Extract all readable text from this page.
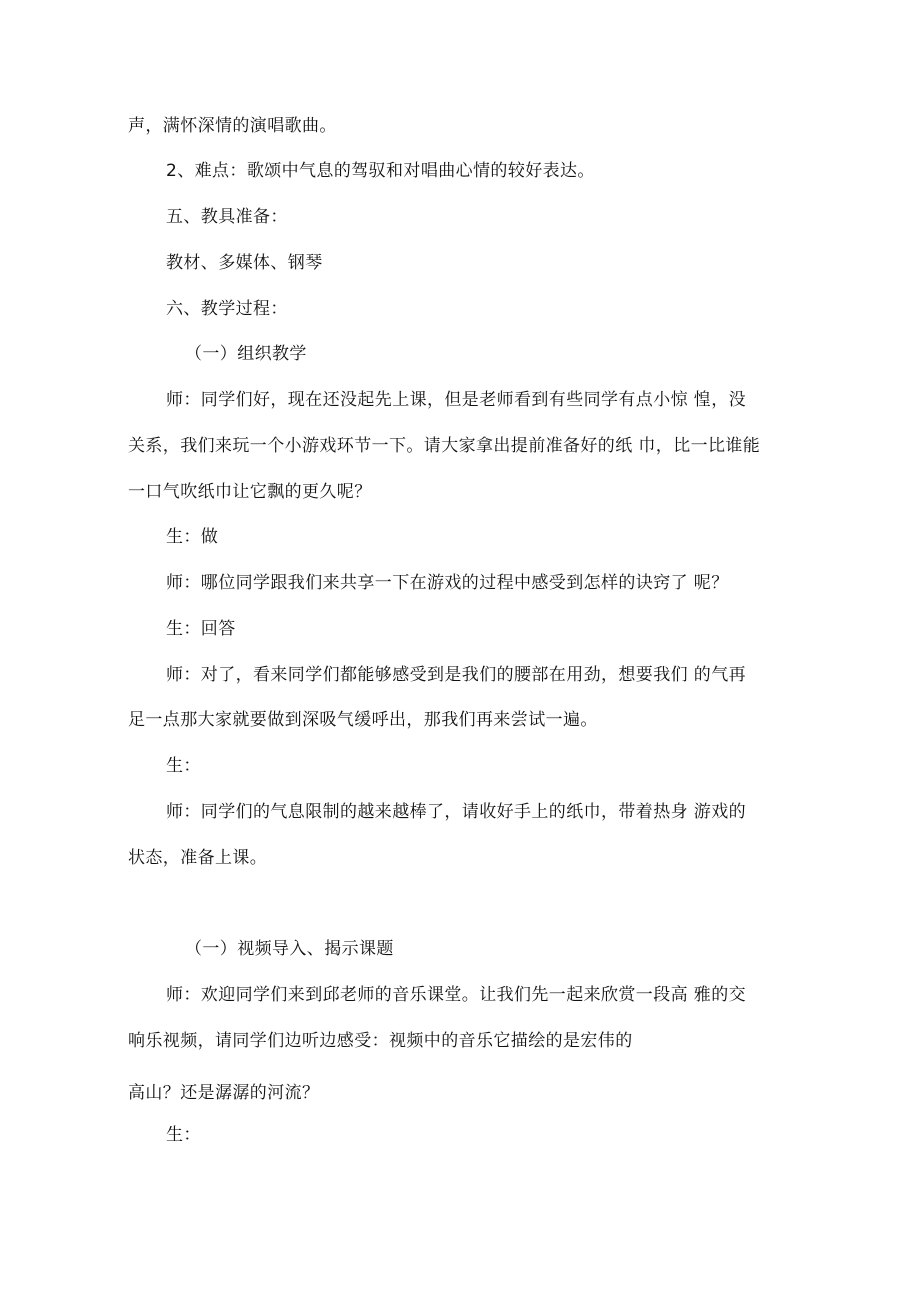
声，满怀深情的演唱歌曲。
2、难点：歌颂中气息的驾驭和对唱曲心情的较好表达。
五、教具准备：
教材、多媒体、钢琴
六、教学过程：
（一）组织教学
师：同学们好，现在还没起先上课，但是老师看到有些同学有点小惊 惶，没
关系，我们来玩一个小游戏环节一下。请大家拿出提前准备好的纸 巾，比一比谁能
一口气吹纸巾让它飘的更久呢？
生：做
师：哪位同学跟我们来共享一下在游戏的过程中感受到怎样的诀窍了 呢？
生：回答
师：对了，看来同学们都能够感受到是我们的腰部在用劲，想要我们 的气再
足一点那大家就要做到深吸气缓呼出，那我们再来尝试一遍。
生：
师：同学们的气息限制的越来越棒了，请收好手上的纸巾，带着热身 游戏的
状态，准备上课。
（一）视频导入、揭示课题
师：欢迎同学们来到邱老师的音乐课堂。让我们先一起来欣赏一段高 雅的交
响乐视频，请同学们边听边感受：视频中的音乐它描绘的是宏伟的
高山？还是潺潺的河流？
生：
